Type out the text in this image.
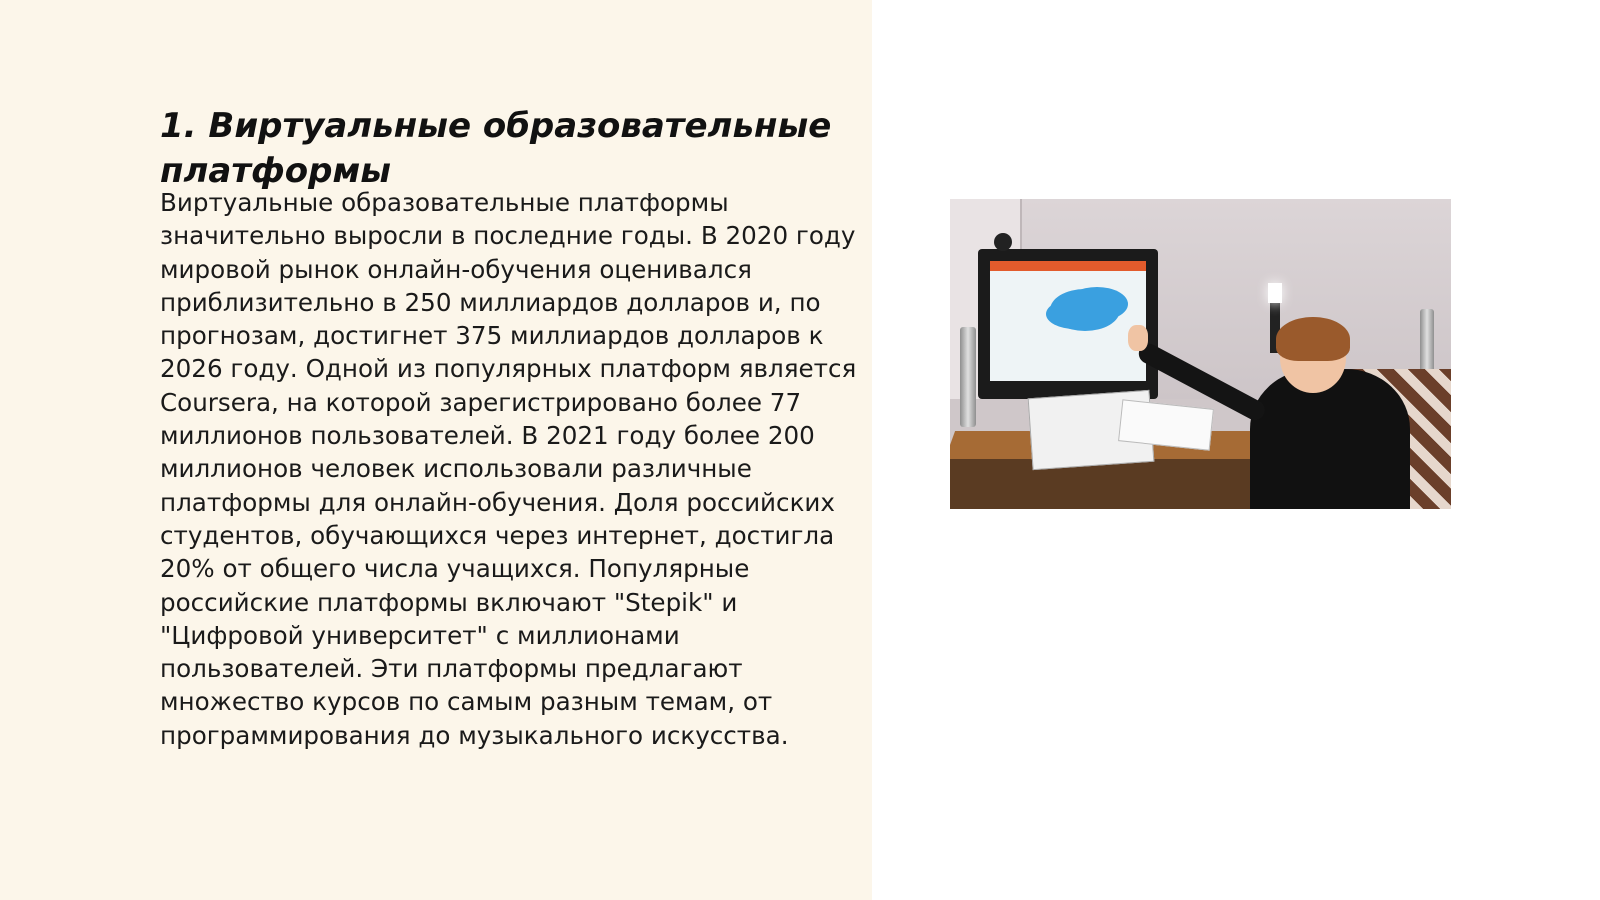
1. Виртуальные образовательные платформы

Виртуальные образовательные платформы значительно выросли в последние годы. В 2020 году мировой рынок онлайн-обучения оценивался приблизительно в 250 миллиардов долларов и, по прогнозам, достигнет 375 миллиардов долларов к 2026 году. Одной из популярных платформ является Coursera, на которой зарегистрировано более 77 миллионов пользователей. В 2021 году более 200 миллионов человек использовали различные платформы для онлайн-обучения. Доля российских студентов, обучающихся через интернет, достигла 20% от общего числа учащихся. Популярные российские платформы включают "Stepik" и "Цифровой университет" с миллионами пользователей. Эти платформы предлагают множество курсов по самым разным темам, от программирования до музыкального искусства.
